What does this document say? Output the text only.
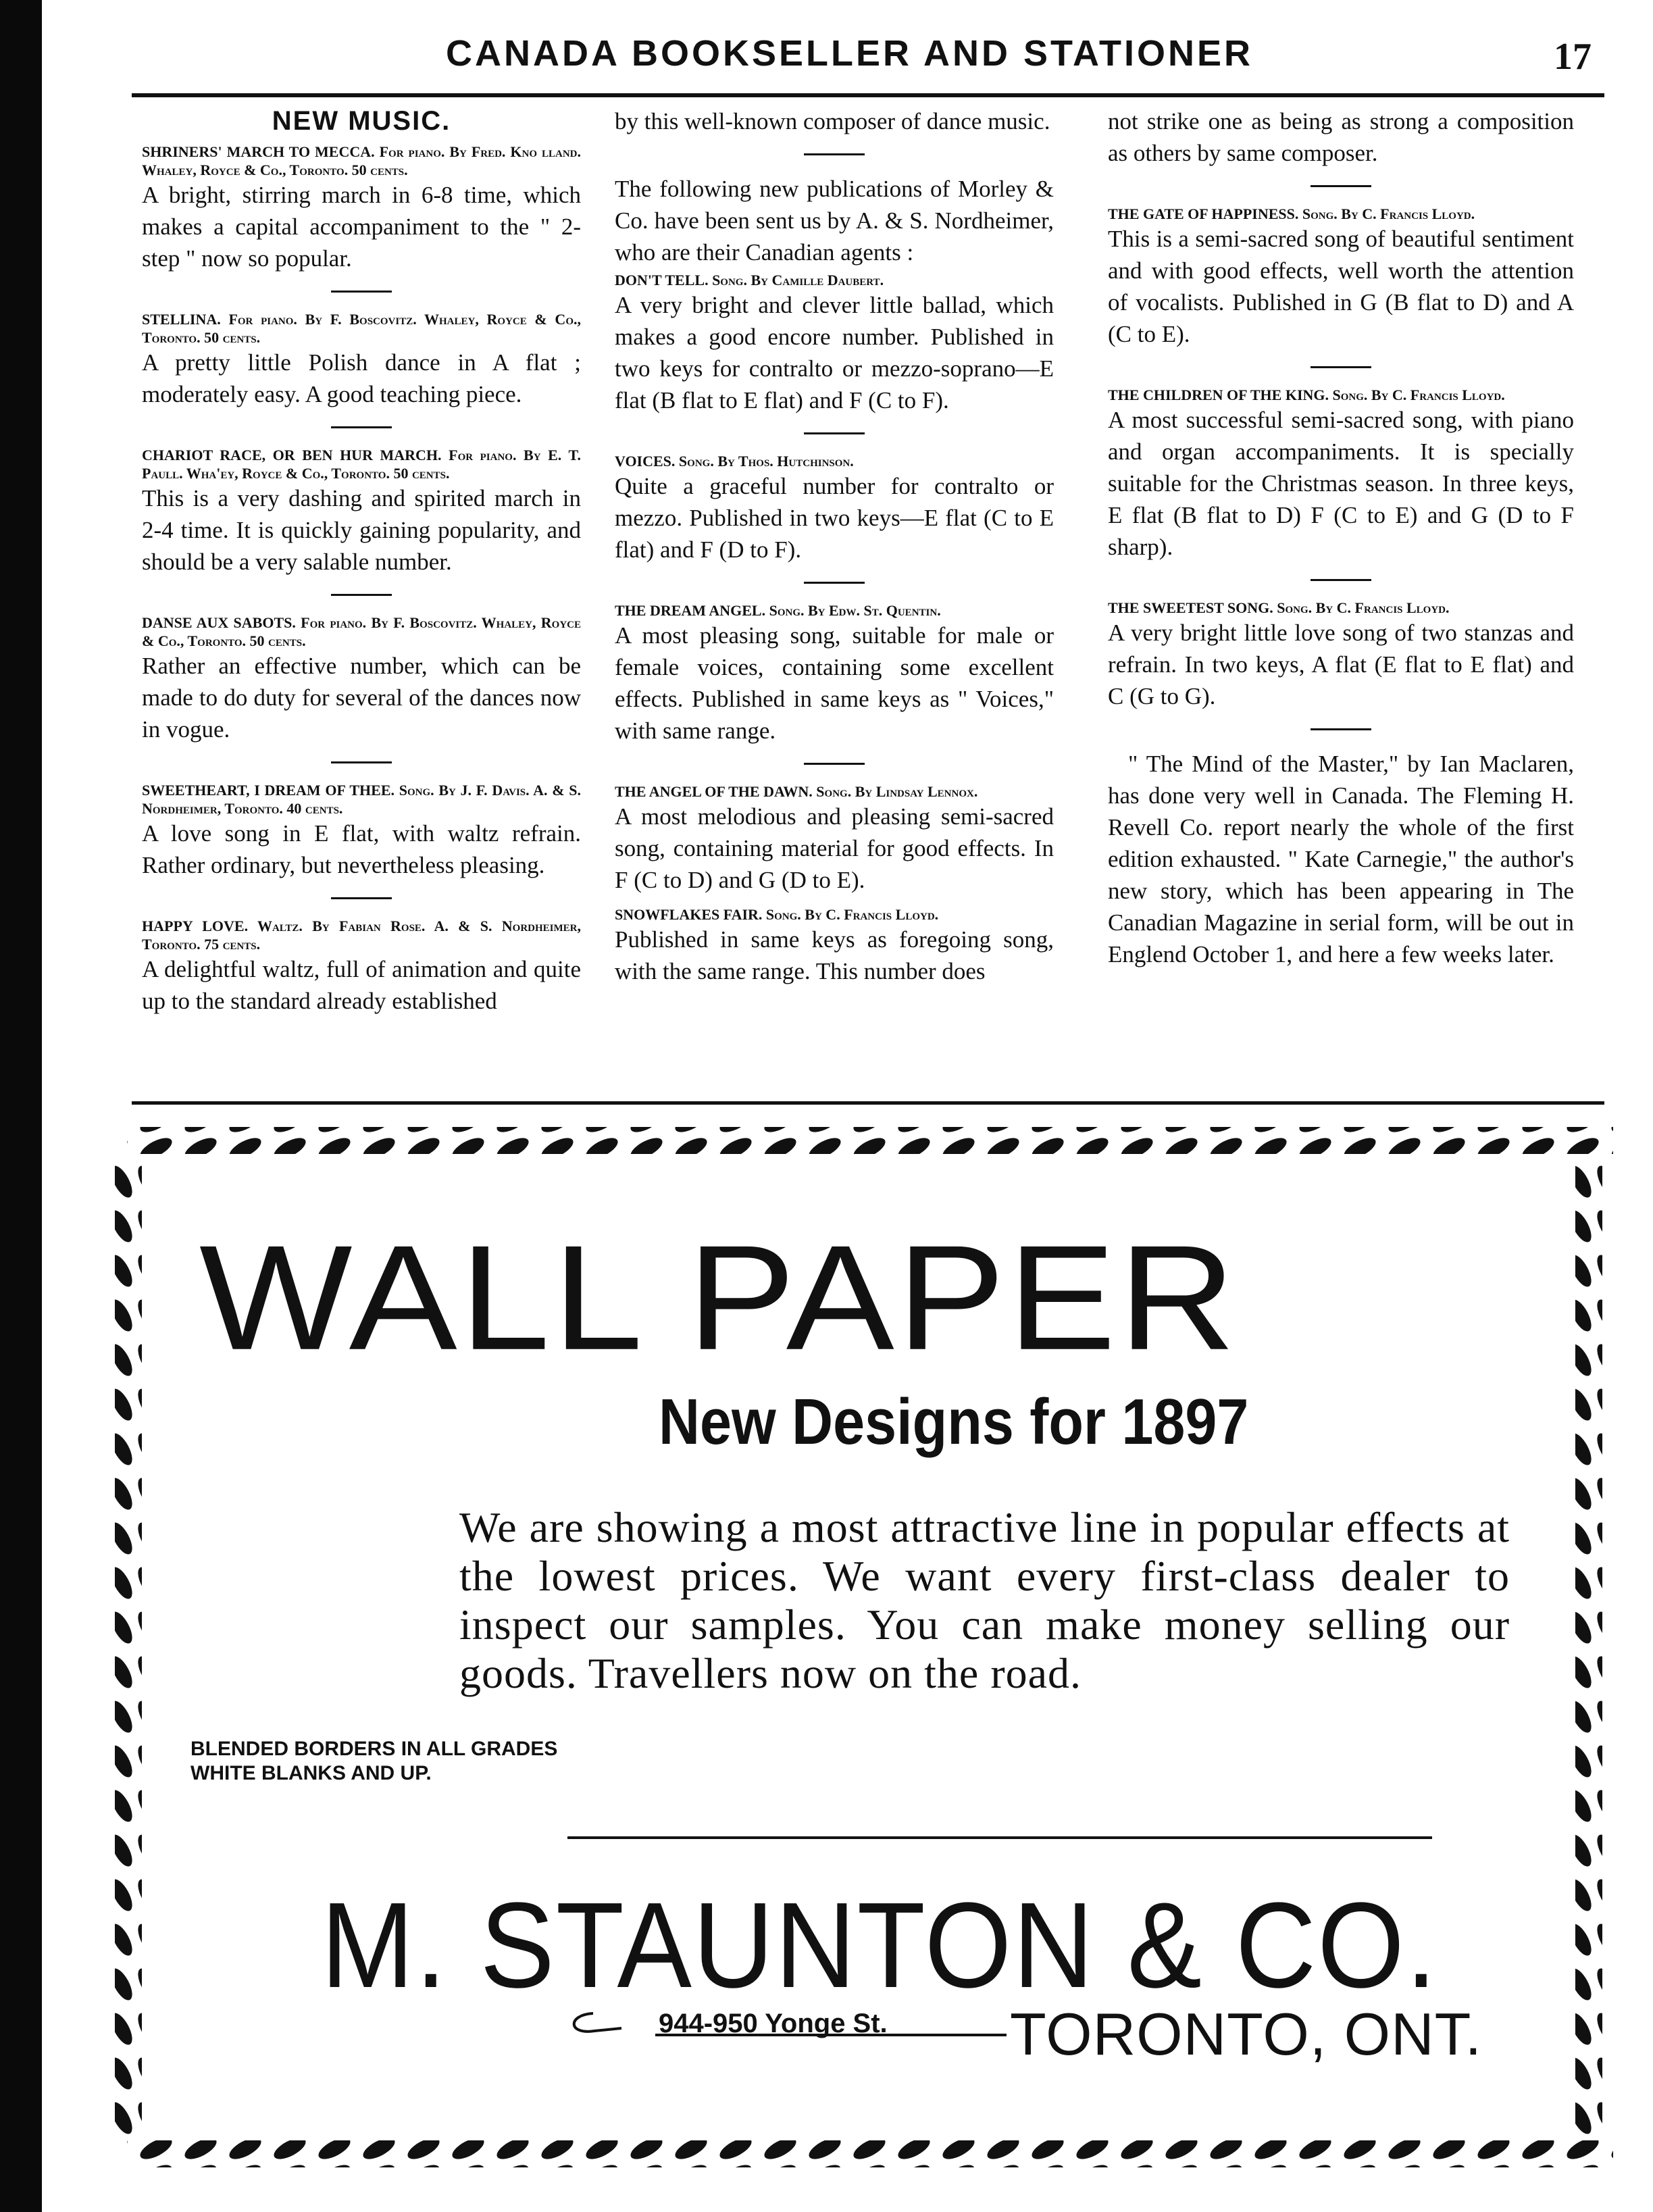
CANADA BOOKSELLER AND STATIONER	17
NEW MUSIC.

SHRINERS' MARCH TO MECCA. For piano. By Fred. Kno lland. Whaley, Royce & Co., Toronto. 50 cents.

A bright, stirring march in 6-8 time, which makes a capital accompaniment to the " 2-step " now so popular.

STELLINA. For piano. By F. Boscovitz. Whaley, Royce & Co., Toronto. 50 cents.

A pretty little Polish dance in A flat ; moderately easy. A good teaching piece.

CHARIOT RACE, OR BEN HUR MARCH. For piano. By E. T. Paull. Wha'ey, Royce & Co., Toronto. 50 cents.

This is a very dashing and spirited march in 2-4 time. It is quickly gaining popularity, and should be a very salable number.

DANSE AUX SABOTS. For piano. By F. Boscovitz. Whaley, Royce & Co., Toronto. 50 cents.

Rather an effective number, which can be made to do duty for several of the dances now in vogue.

SWEETHEART, I DREAM OF THEE. Song. By J. F. Davis. A. & S. Nordheimer, Toronto. 40 cents.

A love song in E flat, with waltz refrain. Rather ordinary, but nevertheless pleasing.

HAPPY LOVE. Waltz. By Fabian Rose. A. & S. Nordheimer, Toronto. 75 cents.

A delightful waltz, full of animation and quite up to the standard already established

by this well-known composer of dance music.

The following new publications of Morley & Co. have been sent us by A. & S. Nordheimer, who are their Canadian agents :

DON'T TELL. Song. By Camille Daubert.

A very bright and clever little ballad, which makes a good encore number. Published in two keys for contralto or mezzo-soprano—E flat (B flat to E flat) and F (C to F).

VOICES. Song. By Thos. Hutchinson.

Quite a graceful number for contralto or mezzo. Published in two keys—E flat (C to E flat) and F (D to F).

THE DREAM ANGEL. Song. By Edw. St. Quentin.

A most pleasing song, suitable for male or female voices, containing some excellent effects. Published in same keys as " Voices," with same range.

THE ANGEL OF THE DAWN. Song. By Lindsay Lennox.

A most melodious and pleasing semi-sacred song, containing material for good effects. In F (C to D) and G (D to E).

SNOWFLAKES FAIR. Song. By C. Francis Lloyd.

Published in same keys as foregoing song, with the same range. This number does

not strike one as being as strong a composition as others by same composer.

THE GATE OF HAPPINESS. Song. By C. Francis Lloyd.

This is a semi-sacred song of beautiful sentiment and with good effects, well worth the attention of vocalists. Published in G (B flat to D) and A (C to E).

THE CHILDREN OF THE KING. Song. By C. Francis Lloyd.

A most successful semi-sacred song, with piano and organ accompaniments. It is specially suitable for the Christmas season. In three keys, E flat (B flat to D) F (C to E) and G (D to F sharp).

THE SWEETEST SONG. Song. By C. Francis Lloyd.

A very bright little love song of two stanzas and refrain. In two keys, A flat (E flat to E flat) and C (G to G).

" The Mind of the Master," by Ian Maclaren, has done very well in Canada. The Fleming H. Revell Co. report nearly the whole of the first edition exhausted. " Kate Carnegie," the author's new story, which has been appearing in The Canadian Magazine in serial form, will be out in Englend October 1, and here a few weeks later.

WALL PAPER
New Designs for 1897
We are showing a most attractive line in popular effects at the lowest prices. We want every first-class dealer to inspect our samples. You can make money selling our goods. Travellers now on the road.
BLENDED BORDERS IN ALL GRADES
WHITE BLANKS AND UP.
M. STAUNTON & CO.
944-950 Yonge St. TORONTO, ONT.
